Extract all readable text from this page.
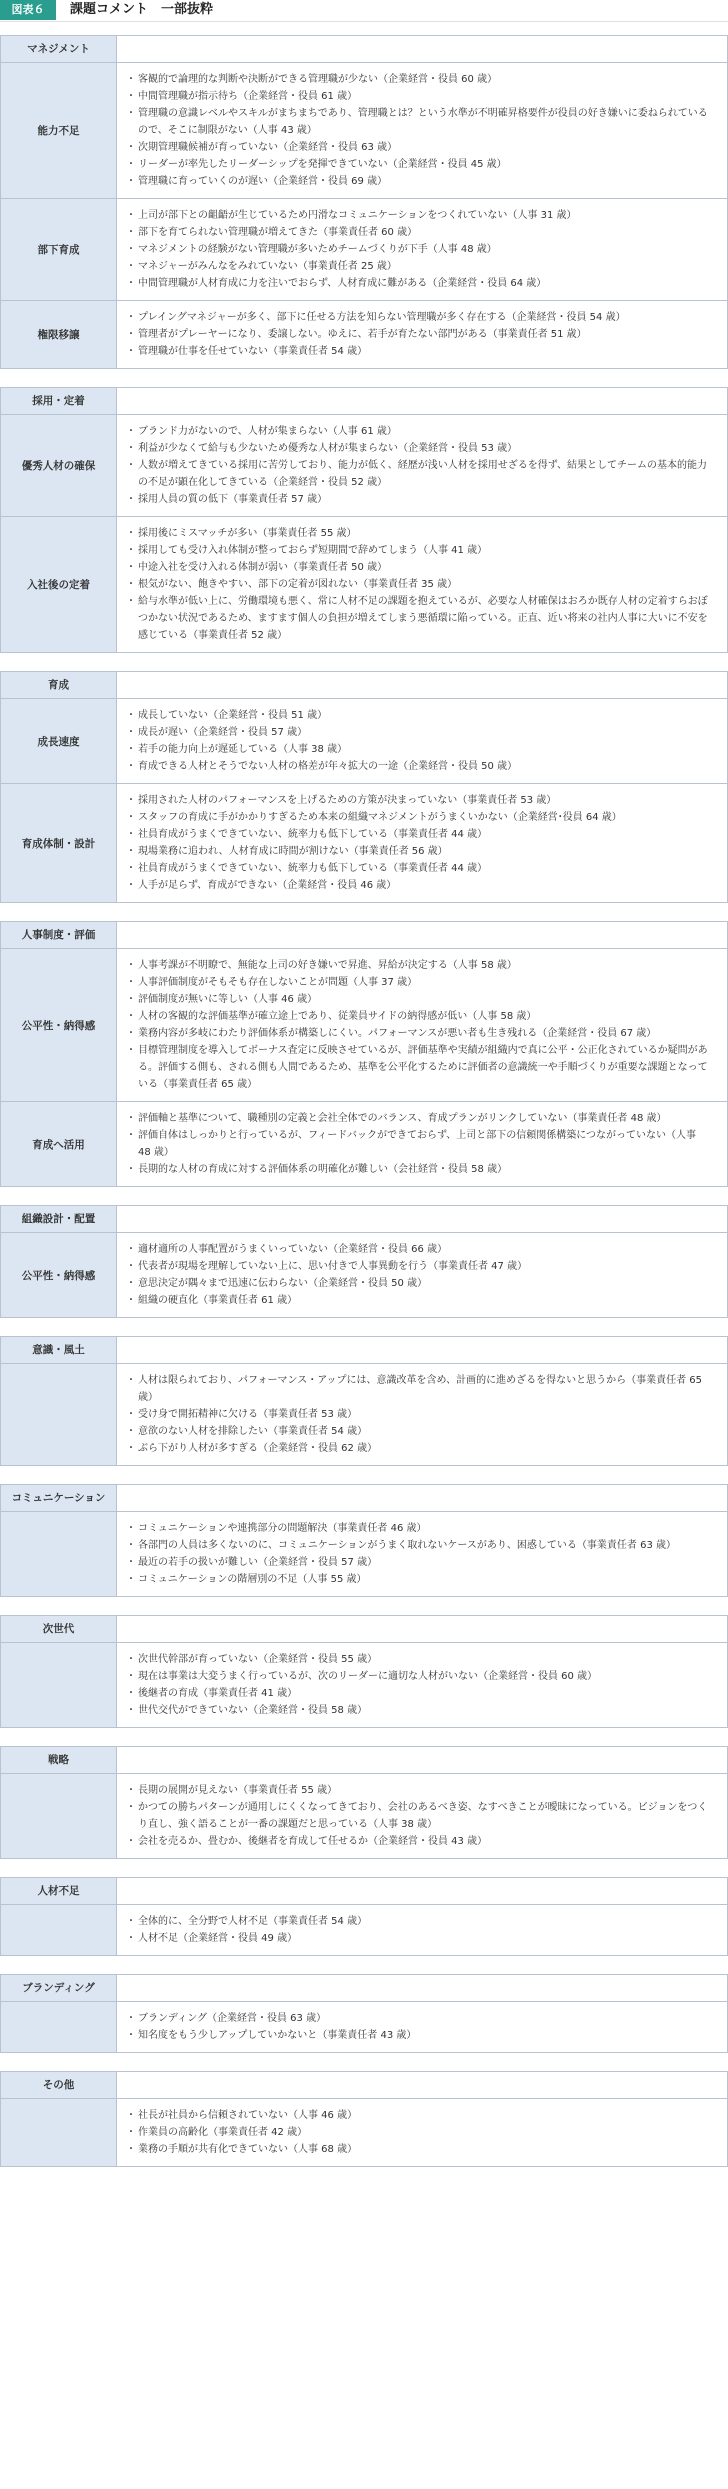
図表６	課題コメント　一部抜粋
マネジメント
能力不足
・ 客観的で論理的な判断や決断ができる管理職が少ない（企業経営・役員 60 歳）
・ 中間管理職が指示待ち（企業経営・役員 61 歳）
・ 管理職の意識レベルやスキルがまちまちであり、管理職とは？という水準が不明確昇格要件が役員の好き嫌いに委ねられているので、そこに制限がない（人事 43 歳）
・ 次期管理職候補が育っていない（企業経営・役員 63 歳）
・ リーダーが率先したリーダーシップを発揮できていない（企業経営・役員 45 歳）
・ 管理職に育っていくのが遅い（企業経営・役員 69 歳）
部下育成
・ 上司が部下との齟齬が生じているため円滑なコミュニケーションをつくれていない（人事 31 歳）
・ 部下を育てられない管理職が増えてきた（事業責任者 60 歳）
・ マネジメントの経験がない管理職が多いためチームづくりが下手（人事 48 歳）
・ マネジャーがみんなをみれていない（事業責任者 25 歳）
・ 中間管理職が人材育成に力を注いでおらず、人材育成に難がある（企業経営・役員 64 歳）
権限移譲
・ プレイングマネジャーが多く、部下に任せる方法を知らない管理職が多く存在する（企業経営・役員 54 歳）
・ 管理者がプレーヤーになり、委譲しない。ゆえに、若手が育たない部門がある（事業責任者 51 歳）
・ 管理職が仕事を任せていない（事業責任者 54 歳）
採用・定着
優秀人材の確保
・ ブランド力がないので、人材が集まらない（人事 61 歳）
・ 利益が少なくて給与も少ないため優秀な人材が集まらない（企業経営・役員 53 歳）
・ 人数が増えてきている採用に苦労しており、能力が低く、経歴が浅い人材を採用せざるを得ず、結果としてチームの基本的能力の不足が顕在化してきている（企業経営・役員 52 歳）
・ 採用人員の質の低下（事業責任者 57 歳）
入社後の定着
・ 採用後にミスマッチが多い（事業責任者 55 歳）
・ 採用しても受け入れ体制が整っておらず短期間で辞めてしまう（人事 41 歳）
・ 中途入社を受け入れる体制が弱い（事業責任者 50 歳）
・ 根気がない、飽きやすい、部下の定着が図れない（事業責任者 35 歳）
・ 給与水準が低い上に、労働環境も悪く、常に人材不足の課題を抱えているが、必要な人材確保はおろか既存人材の定着すらおぼつかない状況であるため、ますます個人の負担が増えてしまう悪循環に陥っている。正直、近い将来の社内人事に大いに不安を感じている（事業責任者 52 歳）
育成
成長速度
・ 成長していない（企業経営・役員 51 歳）
・ 成長が遅い（企業経営・役員 57 歳）
・ 若手の能力向上が遅延している（人事 38 歳）
・ 育成できる人材とそうでない人材の格差が年々拡大の一途（企業経営・役員 50 歳）
育成体制・設計
・ 採用された人材のパフォーマンスを上げるための方策が決まっていない（事業責任者 53 歳）
・ スタッフの育成に手がかかりすぎるため本来の組織マネジメントがうまくいかない（企業経営･役員 64 歳）
・ 社員育成がうまくできていない、統率力も低下している（事業責任者 44 歳）
・ 現場業務に追われ、人材育成に時間が割けない（事業責任者 56 歳）
・ 社員育成がうまくできていない、統率力も低下している（事業責任者 44 歳）
・ 人手が足らず、育成ができない（企業経営・役員 46 歳）
人事制度・評価
公平性・納得感
・ 人事考課が不明瞭で、無能な上司の好き嫌いで昇進、昇給が決定する（人事 58 歳）
・ 人事評価制度がそもそも存在しないことが問題（人事 37 歳）
・ 評価制度が無いに等しい（人事 46 歳）
・ 人材の客観的な評価基準が確立途上であり、従業員サイドの納得感が低い（人事 58 歳）
・ 業務内容が多岐にわたり評価体系が構築しにくい。パフォーマンスが悪い者も生き残れる（企業経営・役員 67 歳）
・ 目標管理制度を導入してボーナス査定に反映させているが、評価基準や実績が組織内で真に公平・公正化されているか疑問がある。評価する側も、される側も人間であるため、基準を公平化するために評価者の意識統一や手順づくりが重要な課題となっている（事業責任者 65 歳）
育成へ活用
・ 評価軸と基準について、職種別の定義と会社全体でのバランス、育成プランがリンクしていない（事業責任者 48 歳）
・ 評価自体はしっかりと行っているが、フィードバックができておらず、上司と部下の信頼関係構築につながっていない（人事 48 歳）
・ 長期的な人材の育成に対する評価体系の明確化が難しい（会社経営・役員 58 歳）
組織設計・配置
公平性・納得感
・ 適材適所の人事配置がうまくいっていない（企業経営・役員 66 歳）
・ 代表者が現場を理解していない上に、思い付きで人事異動を行う（事業責任者 47 歳）
・ 意思決定が隅々まで迅速に伝わらない（企業経営・役員 50 歳）
・ 組織の硬直化（事業責任者 61 歳）
意識・風土
・ 人材は限られており、パフォーマンス・アップには、意識改革を含め、計画的に進めざるを得ないと思うから（事業責任者 65 歳）
・ 受け身で開拓精神に欠ける（事業責任者 53 歳）
・ 意欲のない人材を排除したい（事業責任者 54 歳）
・ ぶら下がり人材が多すぎる（企業経営・役員 62 歳）
コミュニケーション
・ コミュニケーションや連携部分の問題解決（事業責任者 46 歳）
・ 各部門の人員は多くないのに、コミュニケーションがうまく取れないケースがあり、困惑している（事業責任者 63 歳）
・ 最近の若手の扱いが難しい（企業経営・役員 57 歳）
・ コミュニケーションの階層別の不足（人事 55 歳）
次世代
・ 次世代幹部が育っていない（企業経営・役員 55 歳）
・ 現在は事業は大変うまく行っているが、次のリーダーに適切な人材がいない（企業経営・役員 60 歳）
・ 後継者の育成（事業責任者 41 歳）
・ 世代交代ができていない（企業経営・役員 58 歳）
戦略
・ 長期の展開が見えない（事業責任者 55 歳）
・ かつての勝ちパターンが通用しにくくなってきており、会社のあるべき姿、なすべきことが曖昧になっている。ビジョンをつくり直し、強く語ることが一番の課題だと思っている（人事 38 歳）
・ 会社を売るか、畳むか、後継者を育成して任せるか（企業経営・役員 43 歳）
人材不足
・ 全体的に、全分野で人材不足（事業責任者 54 歳）
・ 人材不足（企業経営・役員 49 歳）
ブランディング
・ ブランディング（企業経営・役員 63 歳）
・ 知名度をもう少しアップしていかないと（事業責任者 43 歳）
その他
・ 社長が社員から信頼されていない（人事 46 歳）
・ 作業員の高齢化（事業責任者 42 歳）
・ 業務の手順が共有化できていない（人事 68 歳）
